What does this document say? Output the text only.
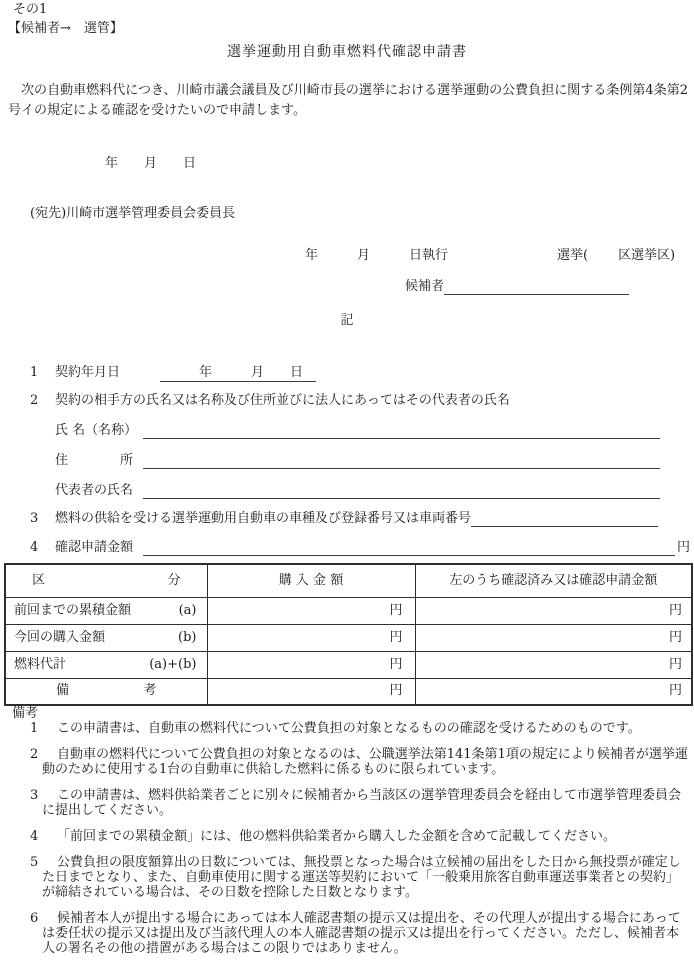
その1
【候補者→　選管】
選挙運動用自動車燃料代確認申請書
　次の自動車燃料代につき、川崎市議会議員及び川崎市長の選挙における選挙運動の公費負担に関する条例第4条第2号イの規定による確認を受けたいので申請します。
年　　月　　日
(宛先)川崎市選挙管理委員会委員長
年　　　月　　　日執行	選挙( 区選挙区)
候補者
記
1	契約年月日	　　　年　　　月　　日　
2	契約の相手方の氏名又は名称及び住所並びに法人にあってはその代表者の氏名
氏 名（名称）
住　　　　所
代表者の氏名
3	燃料の供給を受ける選挙運動用自動車の車種及び登録番号又は車両番号
4	確認申請金額	円
区 分	購 入 金 額	左のうち確認済み又は確認申請金額

前回までの累積金額 (a)	円	円

今回の購入金額 (b)	円	円

燃料代計 (a)+(b)	円	円

備 考	円	円
備考
1 この申請書は、自動車の燃料代について公費負担の対象となるものの確認を受けるためのものです。
2 自動車の燃料代について公費負担の対象となるのは、公職選挙法第141条第1項の規定により候補者が選挙運動のために使用する1台の自動車に供給した燃料に係るものに限られています。
3 この申請書は、燃料供給業者ごとに別々に候補者から当該区の選挙管理委員会を経由して市選挙管理委員会に提出してください。
4 「前回までの累積金額」には、他の燃料供給業者から購入した金額を含めて記載してください。
5 公費負担の限度額算出の日数については、無投票となった場合は立候補の届出をした日から無投票が確定した日までとなり、また、自動車使用に関する運送等契約において「一般乗用旅客自動車運送事業者との契約」が締結されている場合は、その日数を控除した日数となります。
6 候補者本人が提出する場合にあっては本人確認書類の提示又は提出を、その代理人が提出する場合にあっては委任状の提示又は提出及び当該代理人の本人確認書類の提示又は提出を行ってください。ただし、候補者本人の署名その他の措置がある場合はこの限りではありません。
